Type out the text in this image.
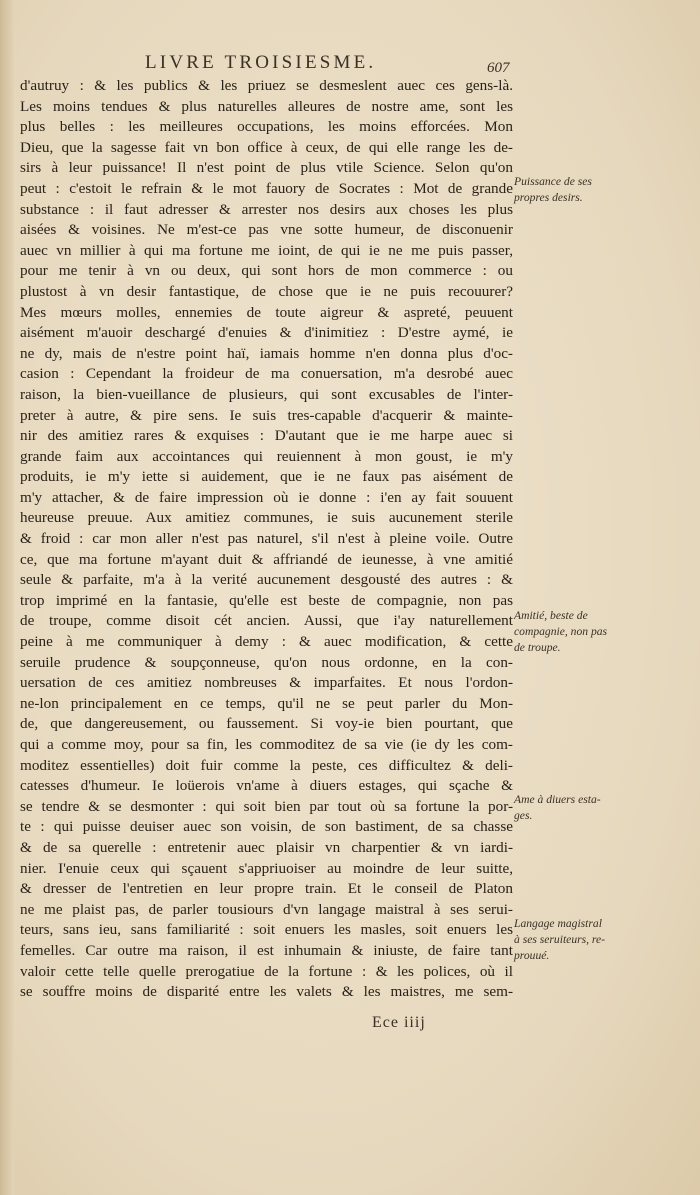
LIVRE TROISIESME.	607
d'autruy : & les publics & les priuez se desmeslent auec ces gens-là.
Les moins tendues & plus naturelles alleures de nostre ame, sont les
plus belles : les meilleures occupations, les moins efforcées. Mon
Dieu, que la sagesse fait vn bon office à ceux, de qui elle range les de-
sirs à leur puissance! Il n'est point de plus vtile Science. Selon qu'on
peut : c'estoit le refrain & le mot fauory de Socrates : Mot de grande
substance : il faut adresser & arrester nos desirs aux choses les plus
aisées & voisines. Ne m'est-ce pas vne sotte humeur, de disconuenir
auec vn millier à qui ma fortune me ioint, de qui ie ne me puis passer,
pour me tenir à vn ou deux, qui sont hors de mon commerce : ou
plustost à vn desir fantastique, de chose que ie ne puis recouurer?
Mes mœurs molles, ennemies de toute aigreur & aspreté, peuuent
aisément m'auoir deschargé d'enuies & d'inimitiez : D'estre aymé, ie
ne dy, mais de n'estre point haï, iamais homme n'en donna plus d'oc-
casion : Cependant la froideur de ma conuersation, m'a desrobé auec
raison, la bien-vueillance de plusieurs, qui sont excusables de l'inter-
preter à autre, & pire sens. Ie suis tres-capable d'acquerir & mainte-
nir des amitiez rares & exquises : D'autant que ie me harpe auec si
grande faim aux accointances qui reuiennent à mon goust, ie m'y
produits, ie m'y iette si auidement, que ie ne faux pas aisément de
m'y attacher, & de faire impression où ie donne : i'en ay fait souuent
heureuse preuue. Aux amitiez communes, ie suis aucunement sterile
& froid : car mon aller n'est pas naturel, s'il n'est à pleine voile. Outre
ce, que ma fortune m'ayant duit & affriandé de ieunesse, à vne amitié
seule & parfaite, m'a à la verité aucunement desgousté des autres : &
trop imprimé en la fantasie, qu'elle est beste de compagnie, non pas
de troupe, comme disoit cét ancien. Aussi, que i'ay naturellement
peine à me communiquer à demy : & auec modification, & cette
seruile prudence & soupçonneuse, qu'on nous ordonne, en la con-
uersation de ces amitiez nombreuses & imparfaites. Et nous l'ordon-
ne-lon principalement en ce temps, qu'il ne se peut parler du Mon-
de, que dangereusement, ou faussement. Si voy-ie bien pourtant, que
qui a comme moy, pour sa fin, les commoditez de sa vie (ie dy les com-
moditez essentielles) doit fuir comme la peste, ces difficultez & deli-
catesses d'humeur. Ie loüerois vn'ame à diuers estages, qui sçache &
se tendre & se desmonter : qui soit bien par tout où sa fortune la por-
te : qui puisse deuiser auec son voisin, de son bastiment, de sa chasse
& de sa querelle : entretenir auec plaisir vn charpentier & vn iardi-
nier. I'enuie ceux qui sçauent s'appriuoiser au moindre de leur suitte,
& dresser de l'entretien en leur propre train. Et le conseil de Platon
ne me plaist pas, de parler tousiours d'vn langage maistral à ses serui-
teurs, sans ieu, sans familiarité : soit enuers les masles, soit enuers les
femelles. Car outre ma raison, il est inhumain & iniuste, de faire tant
valoir cette telle quelle prerogatiue de la fortune : & les polices, où il
se souffre moins de disparité entre les valets & les maistres, me sem-
Puissance de ses
propres desirs.
Amitié, beste de
compagnie, non pas
de troupe.
Ame à diuers esta-
ges.
Langage magistral
à ses seruiteurs, re-
prouué.
Ece iiij
